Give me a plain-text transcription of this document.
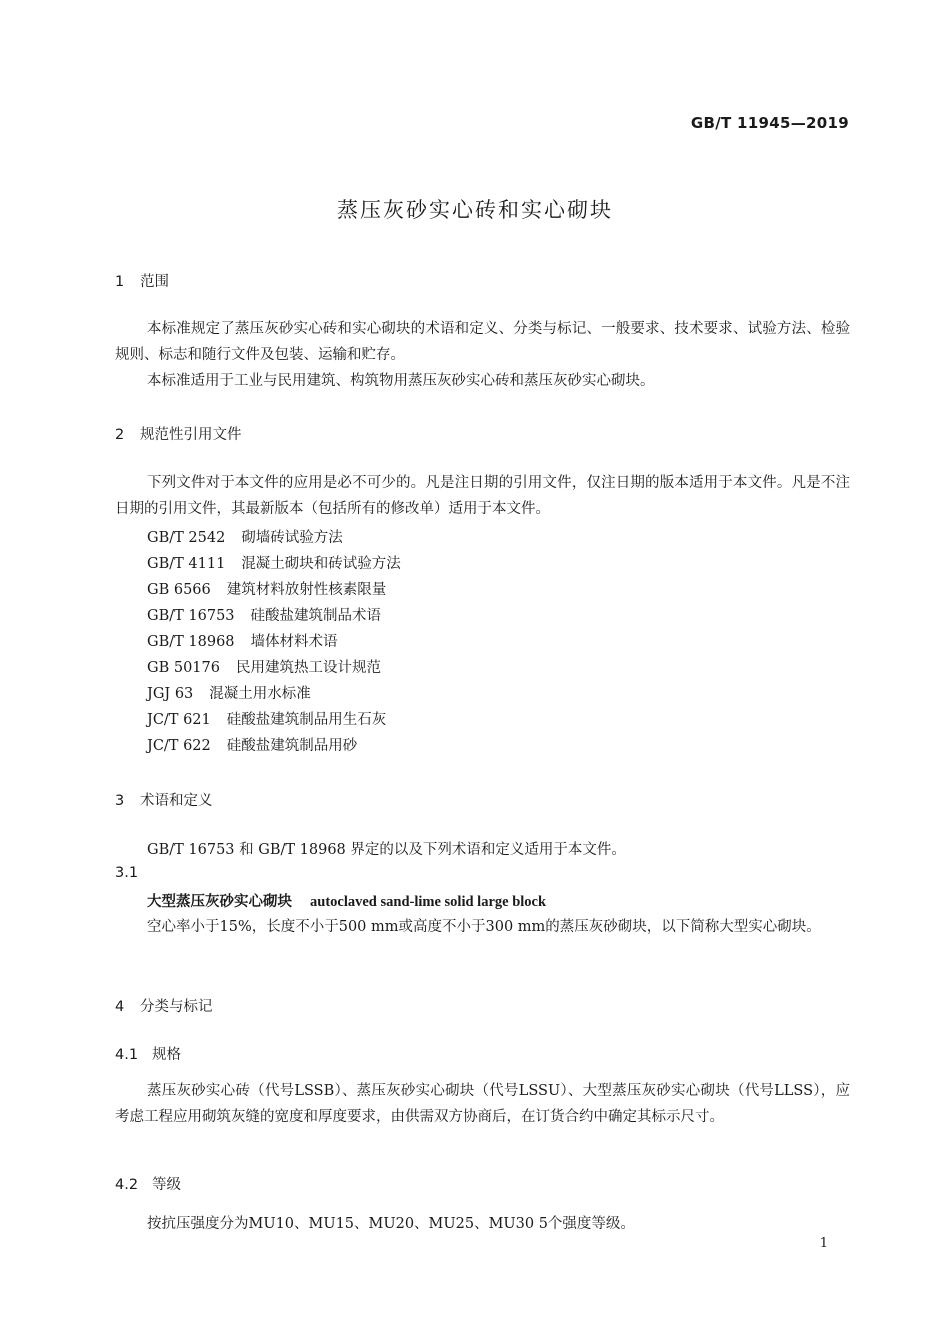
GB/T 11945—2019
蒸压灰砂实心砖和实心砌块
1 范围
本标准规定了蒸压灰砂实心砖和实心砌块的术语和定义、分类与标记、一般要求、技术要求、试验方法、检验规则、标志和随行文件及包装、运输和贮存。
本标准适用于工业与民用建筑、构筑物用蒸压灰砂实心砖和蒸压灰砂实心砌块。
2 规范性引用文件
下列文件对于本文件的应用是必不可少的。凡是注日期的引用文件，仅注日期的版本适用于本文件。凡是不注日期的引用文件，其最新版本（包括所有的修改单）适用于本文件。
GB/T 2542 砌墙砖试验方法
GB/T 4111 混凝土砌块和砖试验方法
GB 6566 建筑材料放射性核素限量
GB/T 16753 硅酸盐建筑制品术语
GB/T 18968 墙体材料术语
GB 50176 民用建筑热工设计规范
JGJ 63 混凝土用水标准
JC/T 621 硅酸盐建筑制品用生石灰
JC/T 622 硅酸盐建筑制品用砂
3 术语和定义
GB/T 16753 和 GB/T 18968 界定的以及下列术语和定义适用于本文件。
3.1
大型蒸压灰砂实心砌块 autoclaved sand-lime solid large block
空心率小于15%，长度不小于500 mm或高度不小于300 mm的蒸压灰砂砌块，以下简称大型实心砌块。
4 分类与标记
4.1 规格
蒸压灰砂实心砖（代号LSSB）、蒸压灰砂实心砌块（代号LSSU）、大型蒸压灰砂实心砌块（代号LLSS），应考虑工程应用砌筑灰缝的宽度和厚度要求，由供需双方协商后，在订货合约中确定其标示尺寸。
4.2 等级
按抗压强度分为MU10、MU15、MU20、MU25、MU30 5个强度等级。
1
